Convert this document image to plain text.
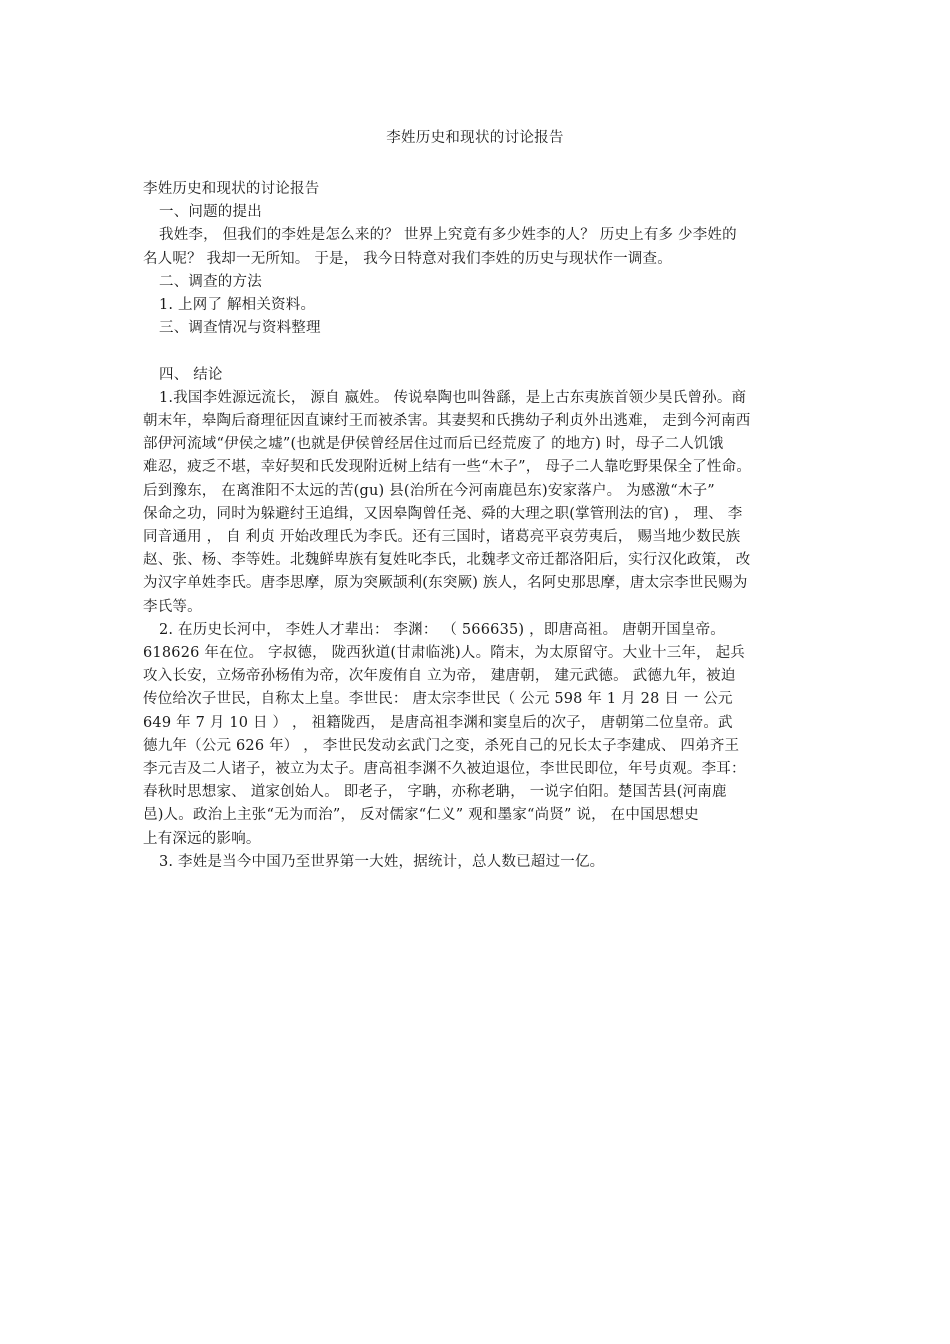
李姓历史和现状的讨论报告
李姓历史和现状的讨论报告
一、问题的提出
我姓李， 但我们的李姓是怎么来的？ 世界上究竟有多少姓李的人？ 历史上有多 少李姓的
名人呢？ 我却一无所知。 于是， 我今日特意对我们李姓的历史与现状作一调查。
二、调查的方法
1. 上网了 解相关资料。
三、调查情况与资料整理
四、 结论
1.我国李姓源远流长， 源自 嬴姓。 传说皋陶也叫咎繇，是上古东夷族首领少昊氏曾孙。商
朝末年，皋陶后裔理征因直谏纣王而被杀害。其妻契和氏携幼子利贞外出逃难， 走到今河南西
部伊河流域“伊侯之墟”(也就是伊侯曾经居住过而后已经荒废了 的地方) 时，母子二人饥饿
难忍，疲乏不堪，幸好契和氏发现附近树上结有一些“木子”， 母子二人靠吃野果保全了性命。
后到豫东， 在离淮阳不太远的苦(gu) 县(治所在今河南鹿邑东)安家落户。 为感激“木子”
保命之功，同时为躲避纣王追缉，又因皋陶曾任尧、舜的大理之职(掌管刑法的官) ， 理、 李
同音通用 ， 自 利贞 开始改理氏为李氏。还有三国时，诸葛亮平哀劳夷后， 赐当地少数民族
赵、张、杨、李等姓。北魏鲜卑族有复姓叱李氏，北魏孝文帝迁都洛阳后，实行汉化政策， 改
为汉字单姓李氏。唐李思摩，原为突厥颉利(东突厥) 族人，名阿史那思摩，唐太宗李世民赐为
李氏等。
2. 在历史长河中， 李姓人才辈出： 李渊： （ 566635) ，即唐高祖。 唐朝开国皇帝。
618626 年在位。 字叔德， 陇西狄道(甘肃临洮)人。隋末，为太原留守。大业十三年， 起兵
攻入长安，立炀帝孙杨侑为帝，次年废侑自 立为帝， 建唐朝， 建元武德。 武德九年，被迫
传位给次子世民，自称太上皇。李世民： 唐太宗李世民（ 公元 598 年 1 月 28 日 一 公元
649 年 7 月 10 日 ） ， 祖籍陇西， 是唐高祖李渊和窦皇后的次子， 唐朝第二位皇帝。武
德九年（公元 626 年） ， 李世民发动玄武门之变，杀死自己的兄长太子李建成、 四弟齐王
李元吉及二人诸子，被立为太子。唐高祖李渊不久被迫退位，李世民即位，年号贞观。李耳：
春秋时思想家、 道家创始人。 即老子， 字聃，亦称老聃， 一说字伯阳。楚国苦县(河南鹿
邑)人。政治上主张“无为而治”， 反对儒家“仁义” 观和墨家“尚贤” 说， 在中国思想史
上有深远的影响。
3. 李姓是当今中国乃至世界第一大姓，据统计，总人数已超过一亿。
